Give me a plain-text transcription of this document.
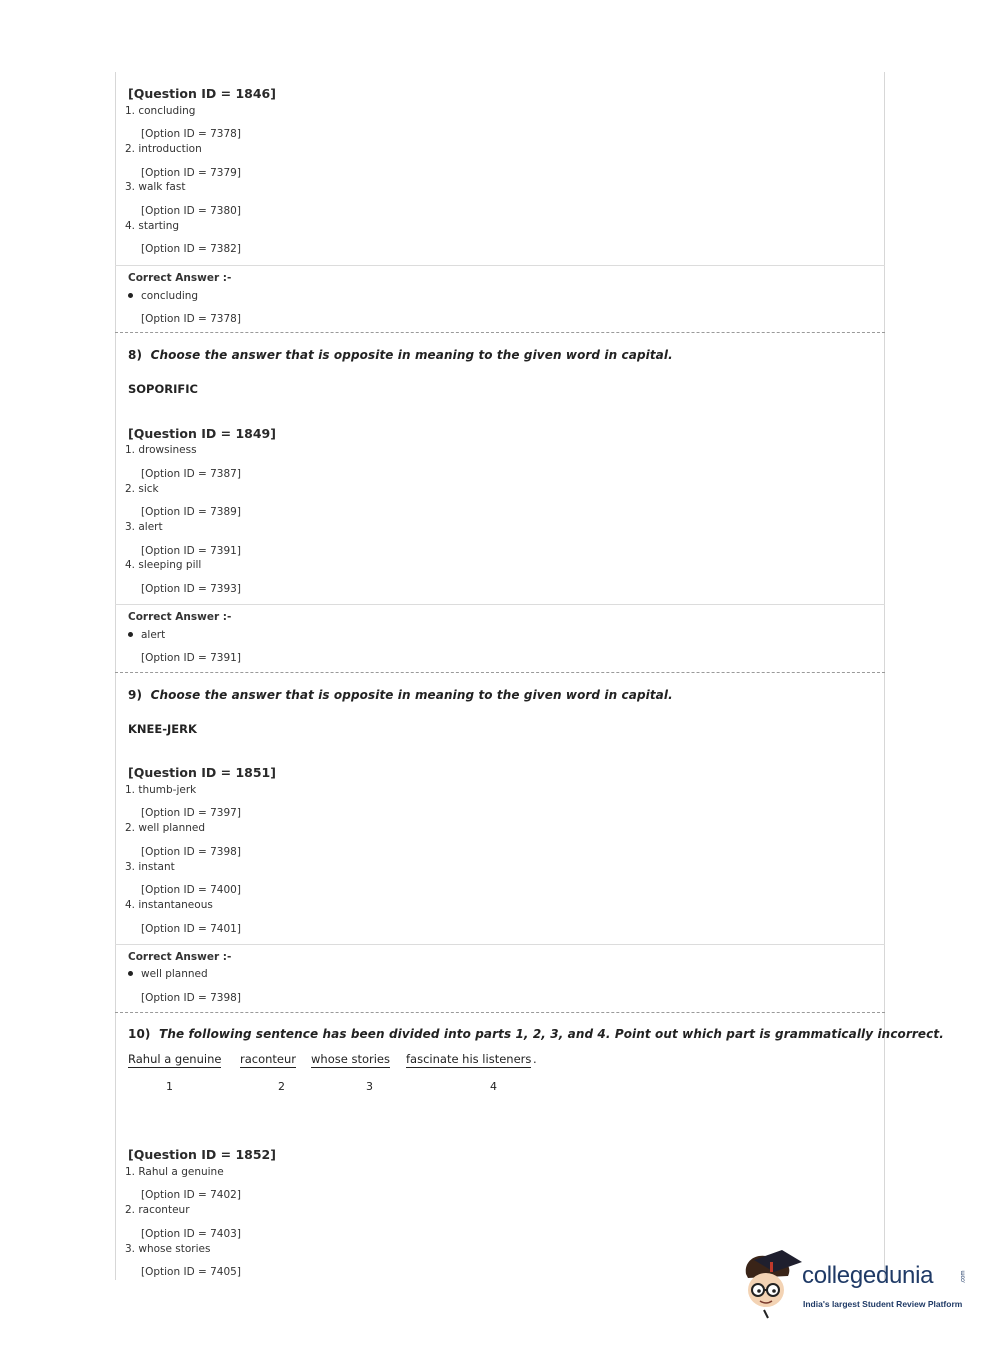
[Question ID = 1846]
1. concluding
[Option ID = 7378]
2. introduction
[Option ID = 7379]
3. walk fast
[Option ID = 7380]
4. starting
[Option ID = 7382]
Correct Answer :-
concluding
[Option ID = 7378]
8) Choose the answer that is opposite in meaning to the given word in capital.
SOPORIFIC
[Question ID = 1849]
1. drowsiness
[Option ID = 7387]
2. sick
[Option ID = 7389]
3. alert
[Option ID = 7391]
4. sleeping pill
[Option ID = 7393]
Correct Answer :-
alert
[Option ID = 7391]
9) Choose the answer that is opposite in meaning to the given word in capital.
KNEE-JERK
[Question ID = 1851]
1. thumb-jerk
[Option ID = 7397]
2. well planned
[Option ID = 7398]
3. instant
[Option ID = 7400]
4. instantaneous
[Option ID = 7401]
Correct Answer :-
well planned
[Option ID = 7398]
10) The following sentence has been divided into parts 1, 2, 3, and 4. Point out which part is grammatically incorrect.
Rahul a genuine raconteur whose stories fascinate his listeners .
1	2	3	4
[Question ID = 1852]
1. Rahul a genuine
[Option ID = 7402]
2. raconteur
[Option ID = 7403]
3. whose stories
[Option ID = 7405]	collegedunia	.com
India's largest Student Review Platform
